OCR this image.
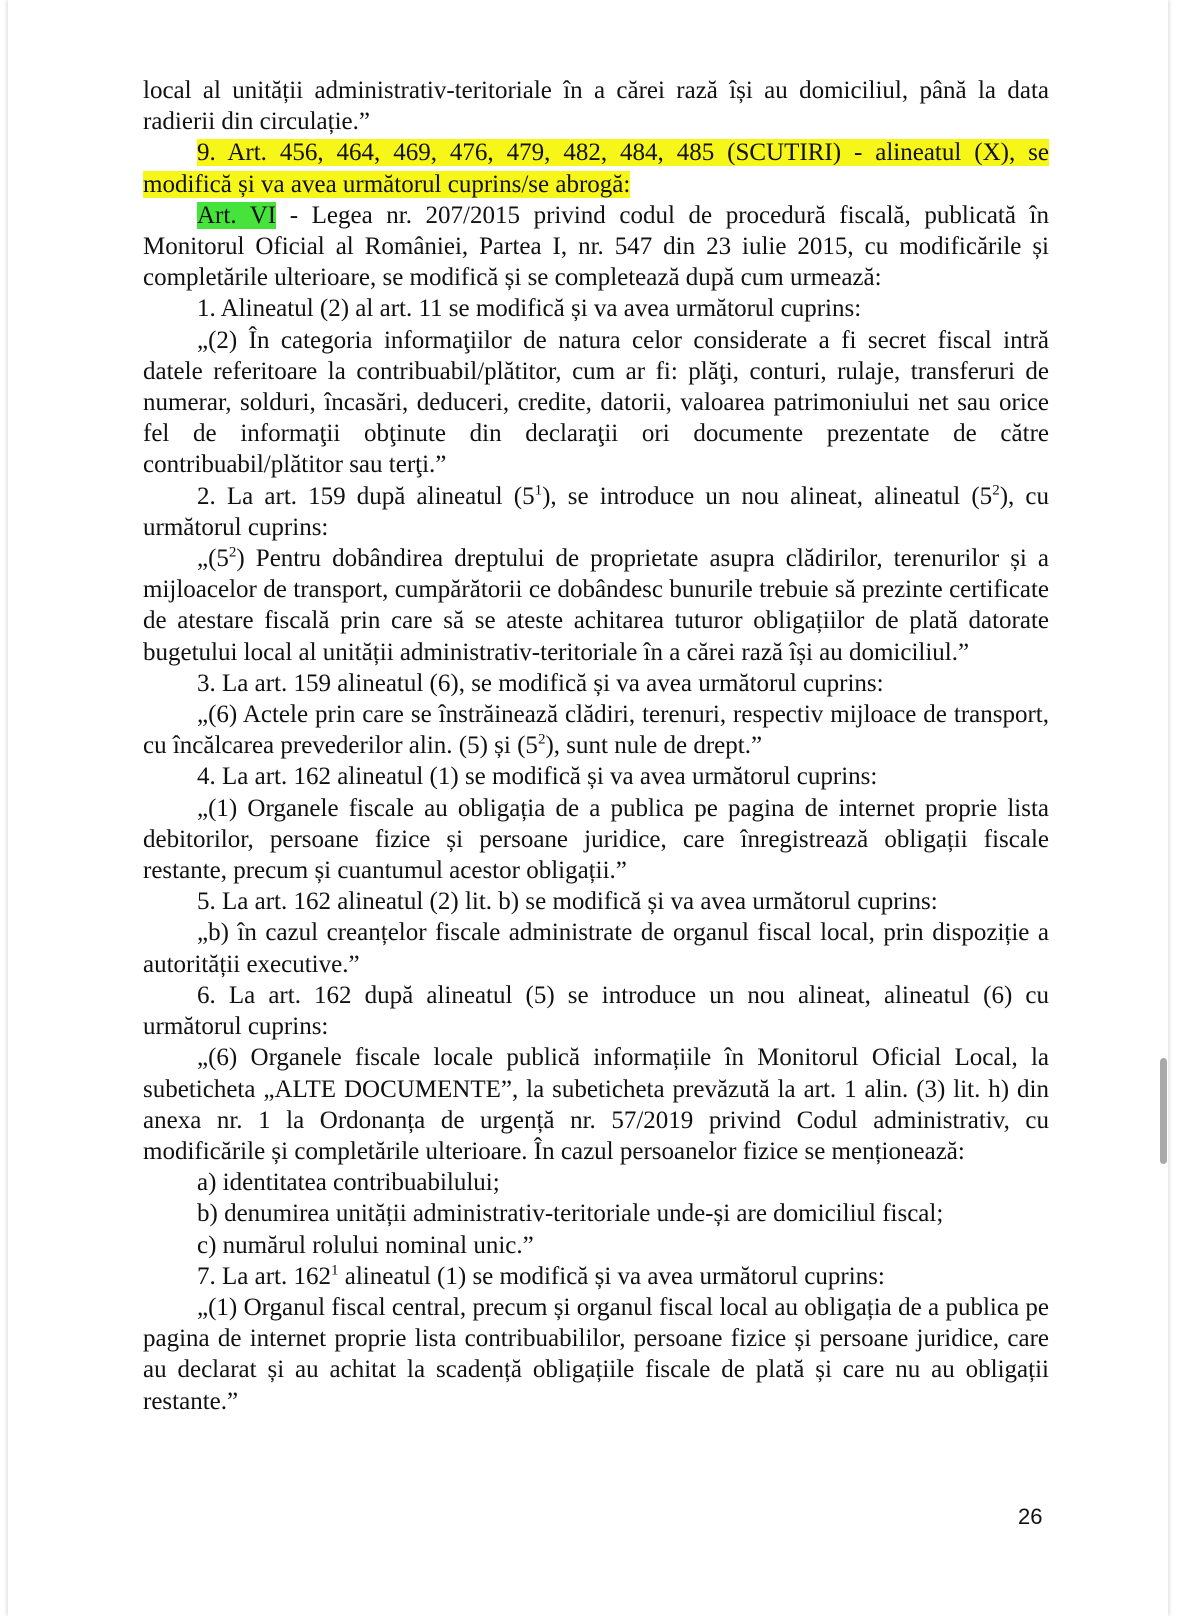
local al unității administrativ-teritoriale în a cărei rază își au domiciliul, până la data radierii din circulație.”

9. Art. 456, 464, 469, 476, 479, 482, 484, 485 (SCUTIRI) - alineatul (X), se modifică și va avea următorul cuprins/se abrogă:

Art. VI - Legea nr. 207/2015 privind codul de procedură fiscală, publicată în Monitorul Oficial al României, Partea I, nr. 547 din 23 iulie 2015, cu modificările și completările ulterioare, se modifică și se completează după cum urmează:

1. Alineatul (2) al art. 11 se modifică și va avea următorul cuprins:

„(2) În categoria informaţiilor de natura celor considerate a fi secret fiscal intră datele referitoare la contribuabil/plătitor, cum ar fi: plăţi, conturi, rulaje, transferuri de numerar, solduri, încasări, deduceri, credite, datorii, valoarea patrimoniului net sau orice fel de informaţii obţinute din declaraţii ori documente prezentate de către contribuabil/plătitor sau terţi.”

2. La art. 159 după alineatul $(5^1)$, se introduce un nou alineat, alineatul $(5^2)$, cu următorul cuprins:

$„(5^2)$ Pentru dobândirea dreptului de proprietate asupra clădirilor, terenurilor și a mijloacelor de transport, cumpărătorii ce dobândesc bunurile trebuie să prezinte certificate de atestare fiscală prin care să se ateste achitarea tuturor obligațiilor de plată datorate bugetului local al unității administrativ-teritoriale în a cărei rază își au domiciliul.”

3. La art. 159 alineatul (6), se modifică și va avea următorul cuprins:

„(6) Actele prin care se înstrăinează clădiri, terenuri, respectiv mijloace de transport, cu încălcarea prevederilor alin. (5) și $(5^2)$, sunt nule de drept.”

4. La art. 162 alineatul (1) se modifică și va avea următorul cuprins:

„(1) Organele fiscale au obligația de a publica pe pagina de internet proprie lista debitorilor, persoane fizice și persoane juridice, care înregistrează obligații fiscale restante, precum și cuantumul acestor obligații.”

5. La art. 162 alineatul (2) lit. b) se modifică și va avea următorul cuprins:

„b) în cazul creanțelor fiscale administrate de organul fiscal local, prin dispoziție a autorității executive.”

6. La art. 162 după alineatul (5) se introduce un nou alineat, alineatul (6) cu următorul cuprins:

„(6) Organele fiscale locale publică informațiile în Monitorul Oficial Local, la subeticheta „ALTE DOCUMENTE”, la subeticheta prevăzută la art. 1 alin. (3) lit. h) din anexa nr. 1 la Ordonanța de urgență nr. 57/2019 privind Codul administrativ, cu modificările și completările ulterioare. În cazul persoanelor fizice se menționează:

a) identitatea contribuabilului;

b) denumirea unității administrativ-teritoriale unde-și are domiciliul fiscal;

c) numărul rolului nominal unic.”

7. La art. $162^1$ alineatul (1) se modifică și va avea următorul cuprins:

„(1) Organul fiscal central, precum și organul fiscal local au obligația de a publica pe pagina de internet proprie lista contribuabililor, persoane fizice și persoane juridice, care au declarat și au achitat la scadență obligațiile fiscale de plată și care nu au obligații restante.”

26
